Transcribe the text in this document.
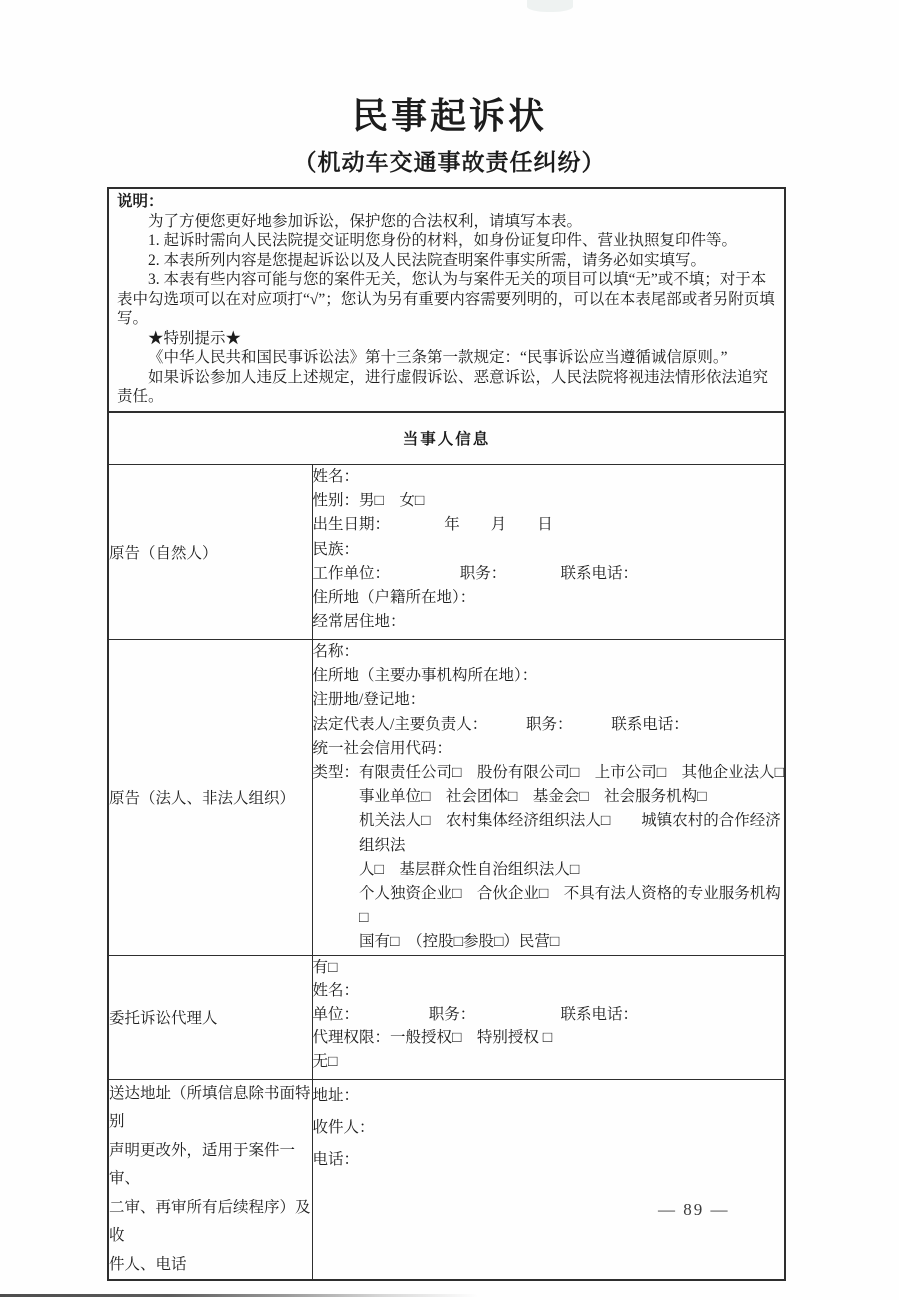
民事起诉状
（机动车交通事故责任纠纷）
说明：

为了方便您更好地参加诉讼，保护您的合法权利，请填写本表。

1. 起诉时需向人民法院提交证明您身份的材料，如身份证复印件、营业执照复印件等。

2. 本表所列内容是您提起诉讼以及人民法院查明案件事实所需，请务必如实填写。

3. 本表有些内容可能与您的案件无关，您认为与案件无关的项目可以填“无”或不填；对于本表中勾选项可以在对应项打“√”；您认为另有重要内容需要列明的，可以在本表尾部或者另附页填写。

★特别提示★

《中华人民共和国民事诉讼法》第十三条第一款规定：“民事诉讼应当遵循诚信原则。”

如果诉讼参加人违反上述规定，进行虚假诉讼、恶意诉讼，人民法院将视违法情形依法追究责任。

当事人信息	
原告（自然人）	
姓名：
性别：男□　女□
出生日期：　　　　年　　月　　日
民族：
工作单位：　　　　　职务：　　　　联系电话：
住所地（户籍所在地）：
经常居住地：

原告（法人、非法人组织）	
名称：
住所地（主要办事机构所在地）：
注册地/登记地：
法定代表人/主要负责人：　　　职务：　　　联系电话：
统一社会信用代码：
类型：有限责任公司□　股份有限公司□　上市公司□　其他企业法人□
事业单位□　社会团体□　基金会□　社会服务机构□
机关法人□　农村集体经济组织法人□　　城镇农村的合作经济组织法
人□　基层群众性自治组织法人□
个人独资企业□　合伙企业□　不具有法人资格的专业服务机构□
国有□　（控股□参股□）民营□

委托诉讼代理人	有□
姓名：
单位：　　　　　职务：　　　　　　联系电话：
代理权限：一般授权□　特别授权 □
无□

送达地址（所填信息除书面特别
声明更改外，适用于案件一审、
二审、再审所有后续程序）及收
件人、电话

地址：
收件人：
电话：
— 89 —
